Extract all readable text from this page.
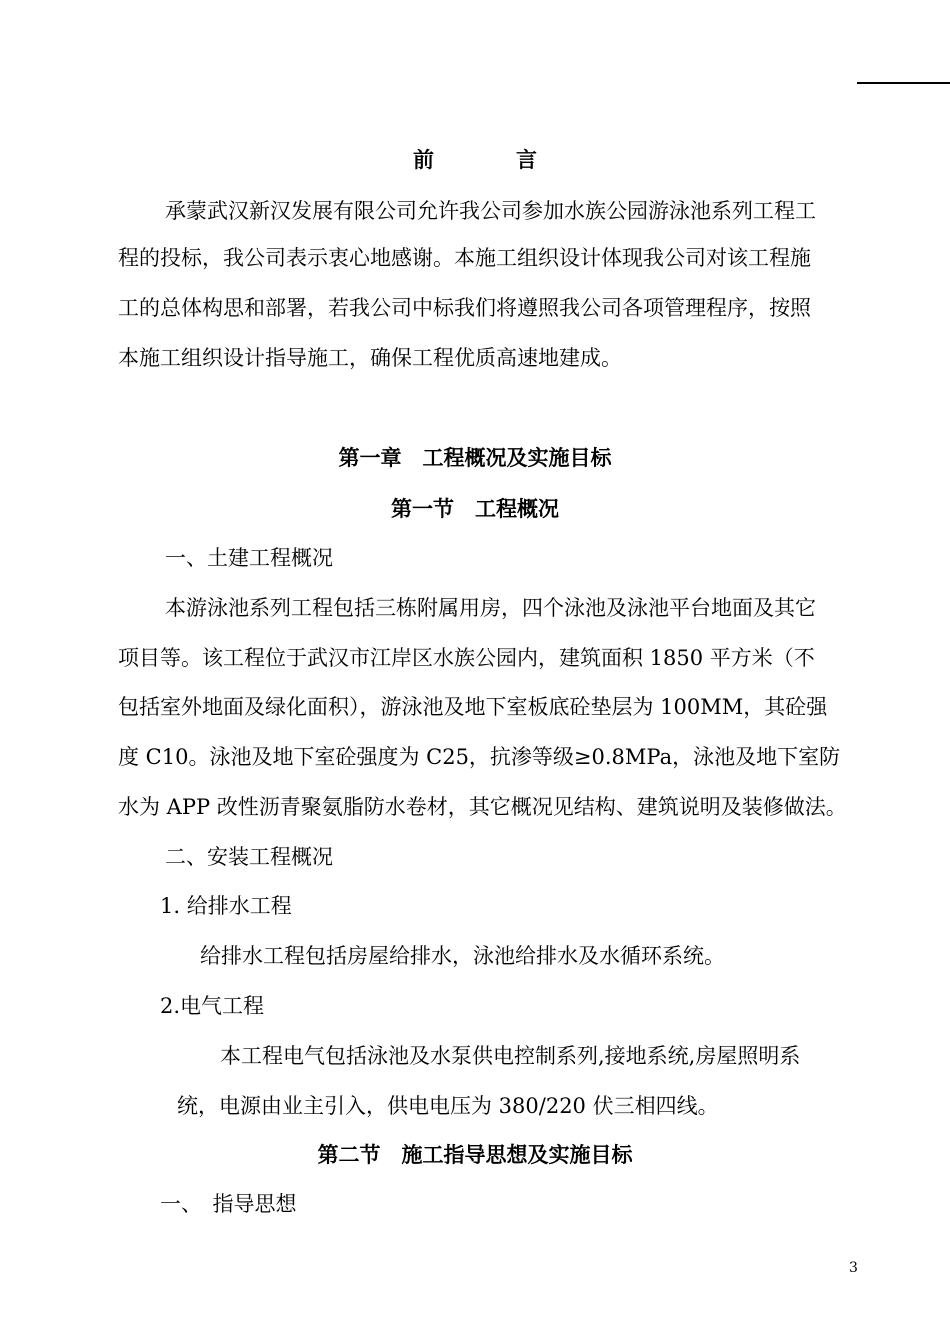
前	言
承蒙武汉新汉发展有限公司允许我公司参加水族公园游泳池系列工程工
程的投标，我公司表示衷心地感谢。本施工组织设计体现我公司对该工程施
工的总体构思和部署，若我公司中标我们将遵照我公司各项管理程序，按照
本施工组织设计指导施工，确保工程优质高速地建成。
第一章　工程概况及实施目标
第一节　工程概况
一、土建工程概况
本游泳池系列工程包括三栋附属用房，四个泳池及泳池平台地面及其它
项目等。该工程位于武汉市江岸区水族公园内，建筑面积 1850 平方米（不
包括室外地面及绿化面积），游泳池及地下室板底砼垫层为 100MM，其砼强
度 C10。泳池及地下室砼强度为 C25，抗渗等级≥0.8MPa，泳池及地下室防
水为 APP 改性沥青聚氨脂防水卷材，其它概况见结构、建筑说明及装修做法。
二、安装工程概况
1. 给排水工程
给排水工程包括房屋给排水，泳池给排水及水循环系统。
2.电气工程
本工程电气包括泳池及水泵供电控制系列,接地系统,房屋照明系
统，电源由业主引入，供电电压为 380/220 伏三相四线。
第二节　施工指导思想及实施目标
一、　指导思想
3
